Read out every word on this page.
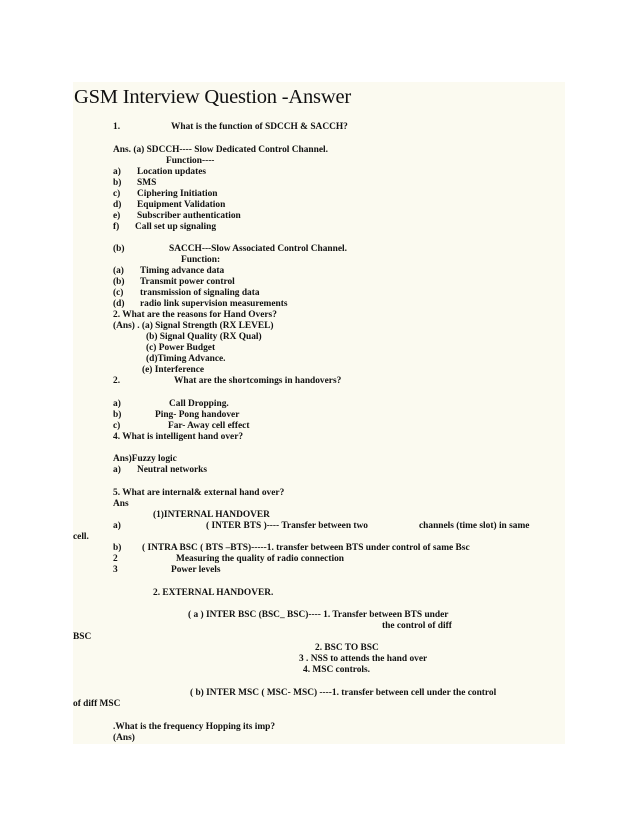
GSM Interview Question -Answer
1.	What is the function of SDCCH & SACCH?
Ans. (a) SDCCH---- Slow Dedicated Control Channel.
Function----
a) Location updates
b) SMS
c) Ciphering Initiation
d) Equipment Validation
e) Subscriber authentication
f) Call set up signaling
(b)	SACCH---Slow Associated Control Channel.
Function:
(a) Timing advance data
(b) Transmit power control
(c) transmission of signaling data
(d) radio link supervision measurements
2. What are the reasons for Hand Overs?
(Ans) . (a) Signal Strength (RX LEVEL)
(b) Signal Quality (RX Qual)
(c) Power Budget
(d)Timing Advance.
(e) Interference
2.	What are the shortcomings in handovers?
a)	Call Dropping.
b)	Ping- Pong handover
c)	Far- Away cell effect
4. What is intelligent hand over?
Ans)Fuzzy logic
a) Neutral networks
5. What are internal& external hand over?
Ans
(1)INTERNAL HANDOVER
a)	( INTER BTS )---- Transfer between two	channels (time slot) in same
cell.
b) ( INTRA BSC ( BTS –BTS)-----1. transfer between BTS under control of same Bsc
2	Measuring the quality of radio connection
3	Power levels
2. EXTERNAL HANDOVER.
( a ) INTER BSC (BSC_ BSC)---- 1. Transfer between BTS under
the control of diff
BSC
2. BSC TO BSC
3 . NSS to attends the hand over
4. MSC controls.
( b) INTER MSC ( MSC- MSC) ----1. transfer between cell under the control
of diff MSC
.What is the frequency Hopping its imp?
(Ans)
